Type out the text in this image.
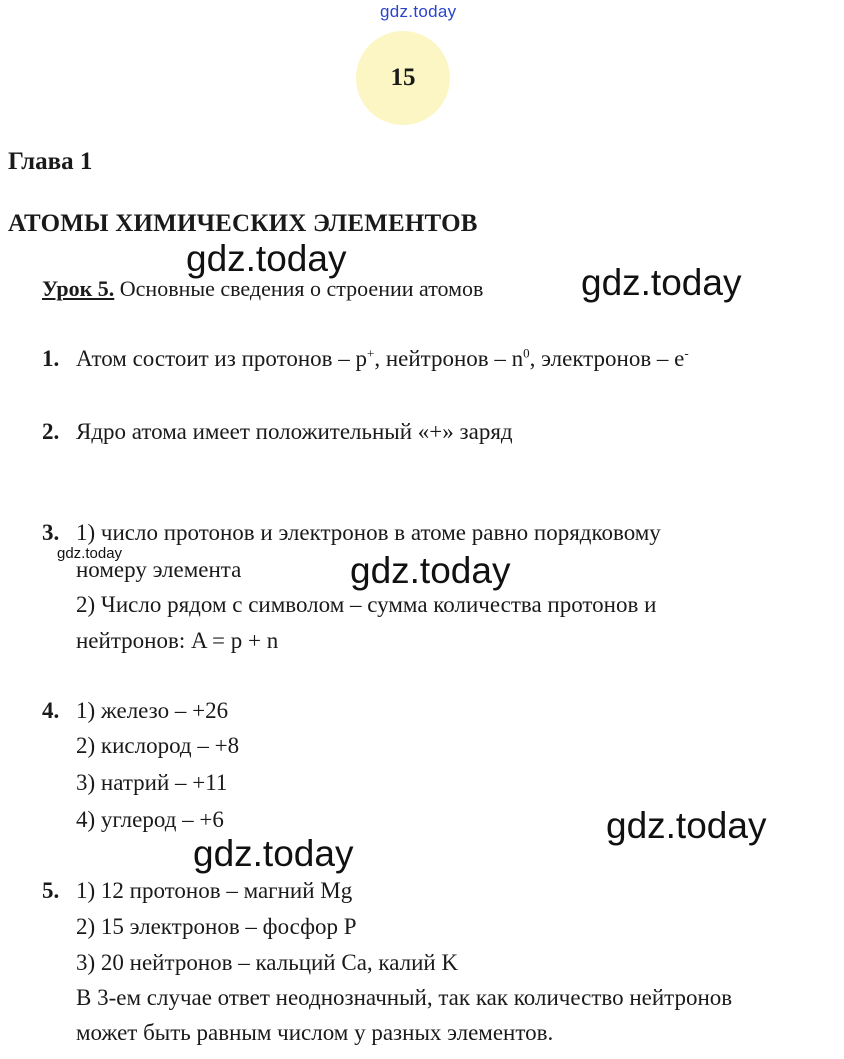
gdz.today
gdz.today
gdz.today
gdz.today
gdz.today
gdz.today
gdz.today
15
Глава 1
АТОМЫ ХИМИЧЕСКИХ ЭЛЕМЕНТОВ
Урок 5. Основные сведения о строении атомов
1. Атом состоит из протонов – p+, нейтронов – $n^0$, электронов – e-
2. Ядро атома имеет положительный «+» заряд
3. 1) число протонов и электронов в атоме равно порядковому
номеру элемента
2) Число рядом с символом – сумма количества протонов и
нейтронов: A = p + n
4. 1) железо – +26
2) кислород – +8
3) натрий – +11
4) углерод – +6
5. 1) 12 протонов – магний Mg
2) 15 электронов – фосфор P
3) 20 нейтронов – кальций Ca, калий K
В 3-ем случае ответ неоднозначный, так как количество нейтронов
может быть равным числом у разных элементов.
